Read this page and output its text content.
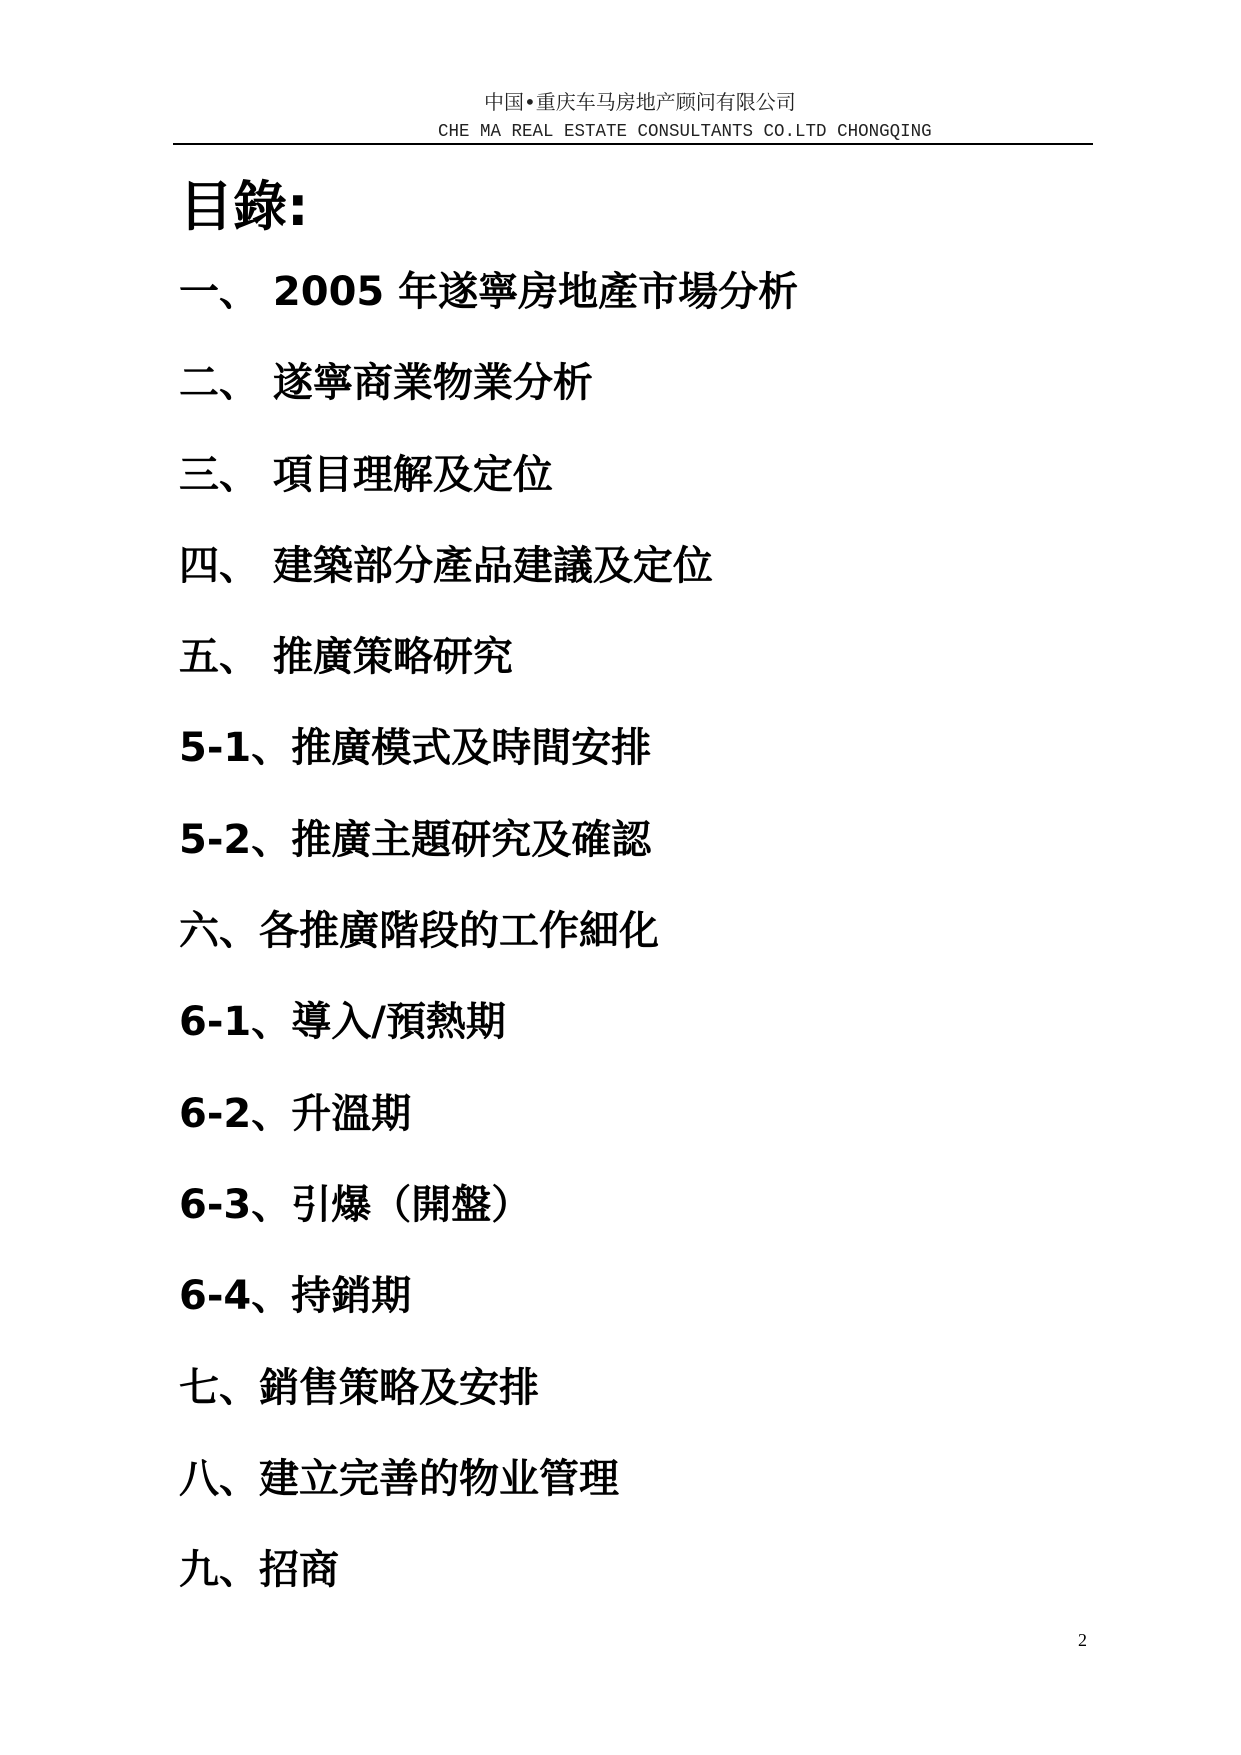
中国•重庆车马房地产顾问有限公司
CHE MA REAL ESTATE CONSULTANTS CO.LTD CHONGQING
目錄:
一、 2005 年遂寧房地產市場分析
二、 遂寧商業物業分析
三、 項目理解及定位
四、 建築部分產品建議及定位
五、 推廣策略研究
5-1、推廣模式及時間安排
5-2、推廣主題研究及確認
六、各推廣階段的工作細化
6-1、導入/預熱期
6-2、升溫期
6-3、引爆（開盤）
6-4、持銷期
七、銷售策略及安排
八、建立完善的物业管理
九、招商
2
